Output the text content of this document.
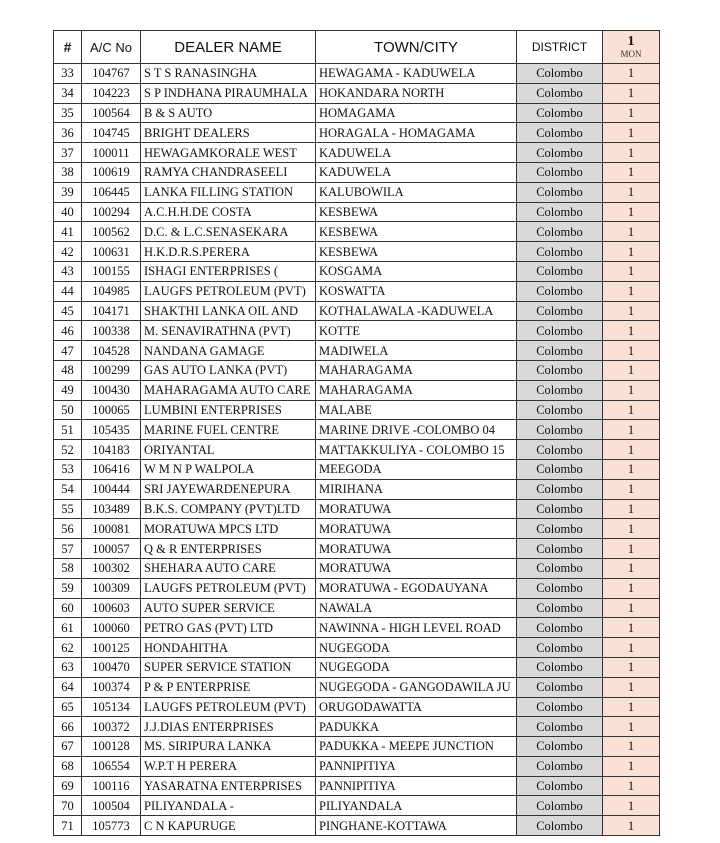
#	A/C No	DEALER NAME	TOWN/CITY	DISTRICT	1
MON

33	104767	S T S RANASINGHA	HEWAGAMA - KADUWELA	Colombo	1
34	104223	S P INDHANA PIRAUMHALA	HOKANDARA NORTH	Colombo	1
35	100564	B & S AUTO	HOMAGAMA	Colombo	1
36	104745	BRIGHT DEALERS	HORAGALA - HOMAGAMA	Colombo	1
37	100011	HEWAGAMKORALE WEST	KADUWELA	Colombo	1
38	100619	RAMYA CHANDRASEELI	KADUWELA	Colombo	1
39	106445	LANKA FILLING STATION	KALUBOWILA	Colombo	1
40	100294	A.C.H.H.DE COSTA	KESBEWA	Colombo	1
41	100562	D.C. & L.C.SENASEKARA	KESBEWA	Colombo	1
42	100631	H.K.D.R.S.PERERA	KESBEWA	Colombo	1
43	100155	ISHAGI ENTERPRISES (	KOSGAMA	Colombo	1
44	104985	LAUGFS PETROLEUM (PVT)	KOSWATTA	Colombo	1
45	104171	SHAKTHI LANKA OIL AND	KOTHALAWALA -KADUWELA	Colombo	1
46	100338	M. SENAVIRATHNA (PVT)	KOTTE	Colombo	1
47	104528	NANDANA GAMAGE	MADIWELA	Colombo	1
48	100299	GAS AUTO LANKA (PVT)	MAHARAGAMA	Colombo	1
49	100430	MAHARAGAMA AUTO CARE	MAHARAGAMA	Colombo	1
50	100065	LUMBINI ENTERPRISES	MALABE	Colombo	1
51	105435	MARINE FUEL CENTRE	MARINE DRIVE -COLOMBO 04	Colombo	1
52	104183	ORIYANTAL	MATTAKKULIYA - COLOMBO 15	Colombo	1
53	106416	W M N P WALPOLA	MEEGODA	Colombo	1
54	100444	SRI JAYEWARDENEPURA	MIRIHANA	Colombo	1
55	103489	B.K.S. COMPANY (PVT)LTD	MORATUWA	Colombo	1
56	100081	MORATUWA MPCS LTD	MORATUWA	Colombo	1
57	100057	Q & R ENTERPRISES	MORATUWA	Colombo	1
58	100302	SHEHARA AUTO CARE	MORATUWA	Colombo	1
59	100309	LAUGFS PETROLEUM (PVT)	MORATUWA - EGODAUYANA	Colombo	1
60	100603	AUTO SUPER SERVICE	NAWALA	Colombo	1
61	100060	PETRO GAS (PVT) LTD	NAWINNA - HIGH LEVEL ROAD	Colombo	1
62	100125	HONDAHITHA	NUGEGODA	Colombo	1
63	100470	SUPER SERVICE STATION	NUGEGODA	Colombo	1
64	100374	P & P ENTERPRISE	NUGEGODA - GANGODAWILA JU	Colombo	1
65	105134	LAUGFS PETROLEUM (PVT)	ORUGODAWATTA	Colombo	1
66	100372	J.J.DIAS ENTERPRISES	PADUKKA	Colombo	1
67	100128	MS. SIRIPURA LANKA	PADUKKA - MEEPE JUNCTION	Colombo	1
68	106554	W.P.T H PERERA	PANNIPITIYA	Colombo	1
69	100116	YASARATNA ENTERPRISES	PANNIPITIYA	Colombo	1
70	100504	PILIYANDALA -	PILIYANDALA	Colombo	1
71	105773	C N KAPURUGE	PINGHANE-KOTTAWA	Colombo	1
